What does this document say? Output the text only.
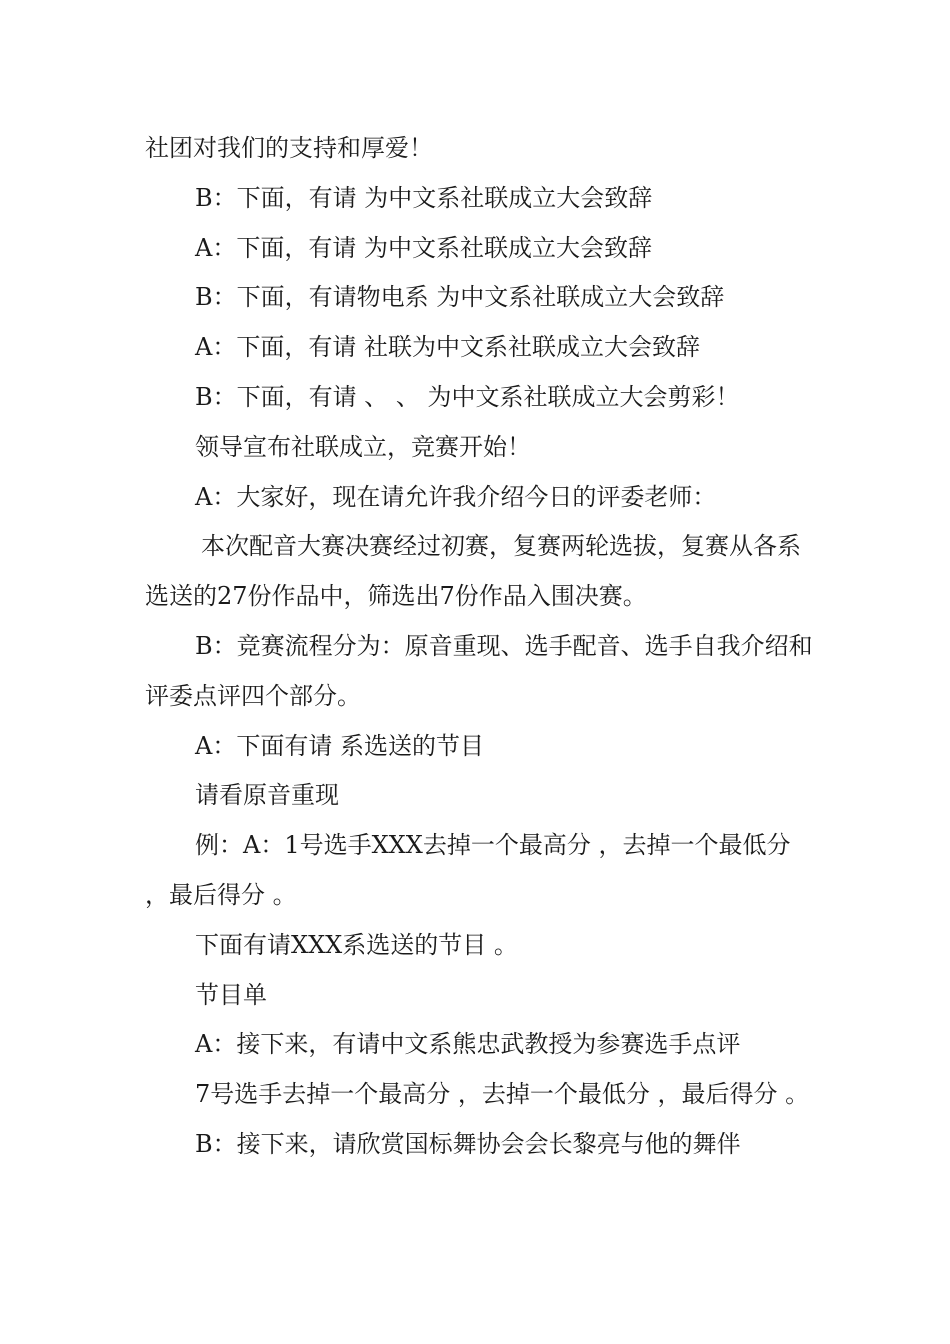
社团对我们的支持和厚爱！

B：下面，有请 为中文系社联成立大会致辞

A：下面，有请 为中文系社联成立大会致辞

B：下面，有请物电系 为中文系社联成立大会致辞

A：下面，有请 社联为中文系社联成立大会致辞

B：下面，有请 、 、 为中文系社联成立大会剪彩！

领导宣布社联成立，竞赛开始！

A：大家好，现在请允许我介绍今日的评委老师：

本次配音大赛决赛经过初赛，复赛两轮选拔，复赛从各系选送的27份作品中，筛选出7份作品入围决赛。

B：竞赛流程分为：原音重现、选手配音、选手自我介绍和评委点评四个部分。

A：下面有请 系选送的节目

请看原音重现

例：A：1号选手XXX去掉一个最高分 ，去掉一个最低分 ，最后得分 。

下面有请XXX系选送的节目 。

节目单

A：接下来，有请中文系熊忠武教授为参赛选手点评

7号选手去掉一个最高分 ，去掉一个最低分 ，最后得分 。

B：接下来，请欣赏国标舞协会会长黎亮与他的舞伴
